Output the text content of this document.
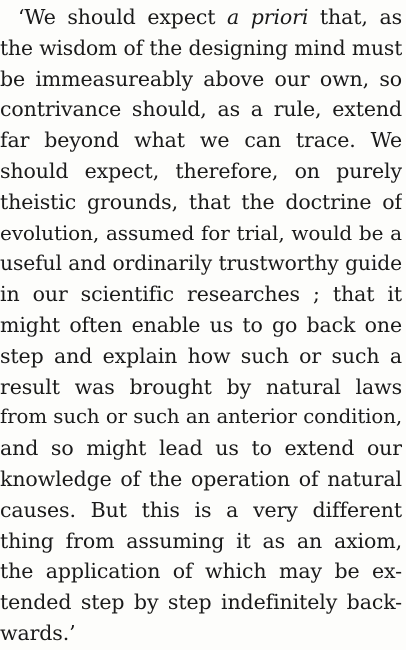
‘We should expect a priori that, as
the wisdom of the designing mind must
be immeasureably above our own, so
contrivance should, as a rule, extend
far beyond what we can trace. We
should expect, therefore, on purely
theistic grounds, that the doctrine of
evolution, assumed for trial, would be a
useful and ordinarily trustworthy guide
in our scientific researches ; that it
might often enable us to go back one
step and explain how such or such a
result was brought by natural laws
from such or such an anterior condition,
and so might lead us to extend our
knowledge of the operation of natural
causes. But this is a very different
thing from assuming it as an axiom,
the application of which may be ex-
tended step by step indefinitely back-
wards.’
